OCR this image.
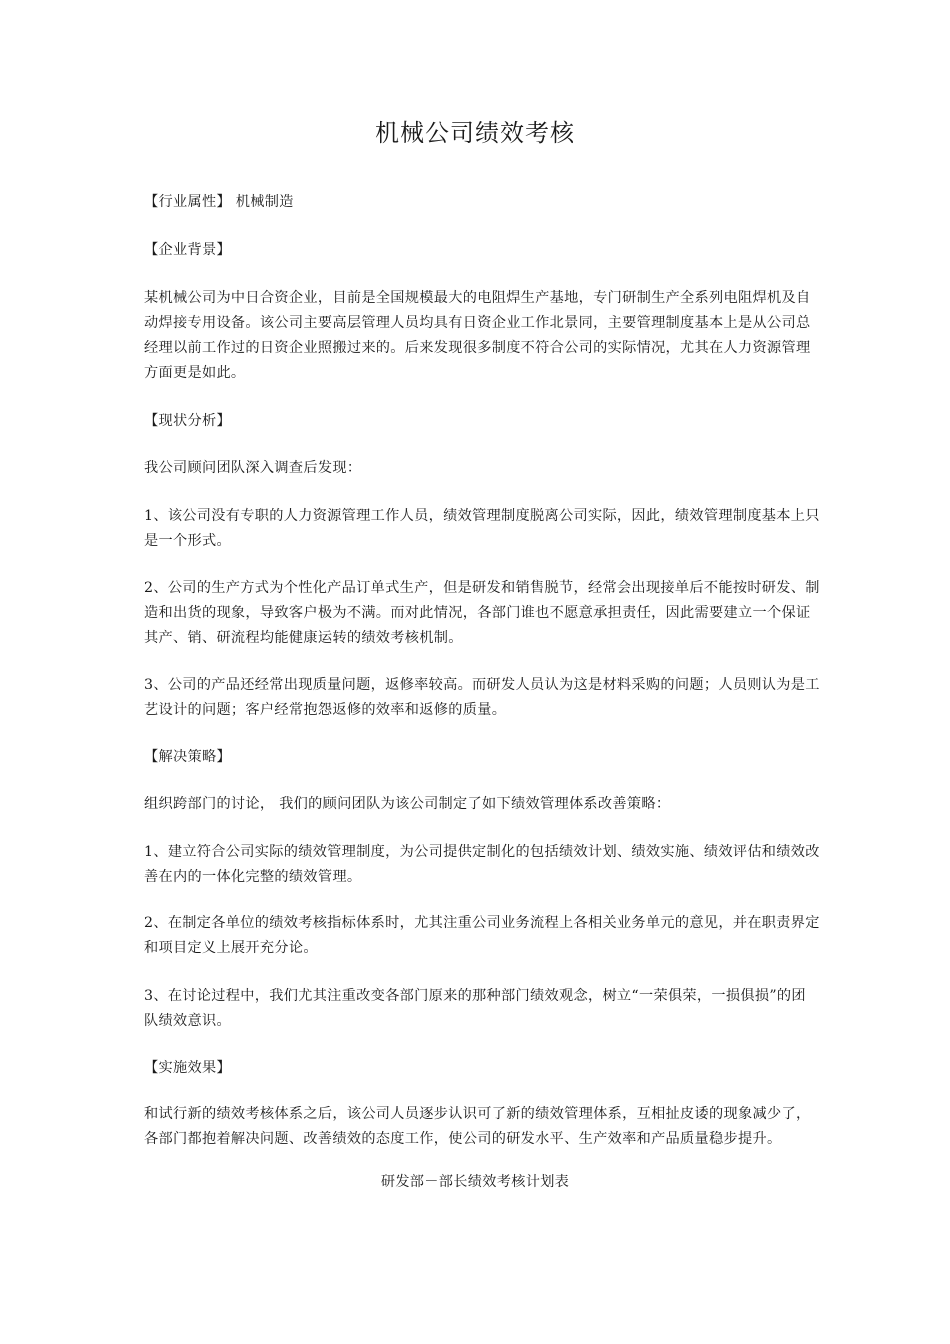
机械公司绩效考核
【行业属性】 机械制造
【企业背景】
某机械公司为中日合资企业，目前是全国规模最大的电阻焊生产基地，专门研制生产全系列电阻焊机及自
动焊接专用设备。该公司主要高层管理人员均具有日资企业工作北景同，主要管理制度基本上是从公司总
经理以前工作过的日资企业照搬过来的。后来发现很多制度不符合公司的实际情况，尤其在人力资源管理
方面更是如此。
【现状分析】
我公司顾问团队深入调查后发现：
1、该公司没有专职的人力资源管理工作人员，绩效管理制度脱离公司实际，因此，绩效管理制度基本上只
是一个形式。
2、公司的生产方式为个性化产品订单式生产，但是研发和销售脱节，经常会出现接单后不能按时研发、制
造和出货的现象，导致客户极为不满。而对此情况，各部门谁也不愿意承担责任，因此需要建立一个保证
其产、销、研流程均能健康运转的绩效考核机制。
3、公司的产品还经常出现质量问题，返修率较高。而研发人员认为这是材料采购的问题；人员则认为是工
艺设计的问题；客户经常抱怨返修的效率和返修的质量。
【解决策略】
组织跨部门的讨论， 我们的顾问团队为该公司制定了如下绩效管理体系改善策略：
1、建立符合公司实际的绩效管理制度，为公司提供定制化的包括绩效计划、绩效实施、绩效评估和绩效改
善在内的一体化完整的绩效管理。
2、在制定各单位的绩效考核指标体系时，尤其注重公司业务流程上各相关业务单元的意见，并在职责界定
和项目定义上展开充分论。
3、在讨论过程中，我们尤其注重改变各部门原来的那种部门绩效观念，树立“一荣俱荣，一损俱损”的团
队绩效意识。
【实施效果】
和试行新的绩效考核体系之后，该公司人员逐步认识可了新的绩效管理体系，互相扯皮诿的现象减少了，
各部门都抱着解决问题、改善绩效的态度工作，使公司的研发水平、生产效率和产品质量稳步提升。
研发部－部长绩效考核计划表
